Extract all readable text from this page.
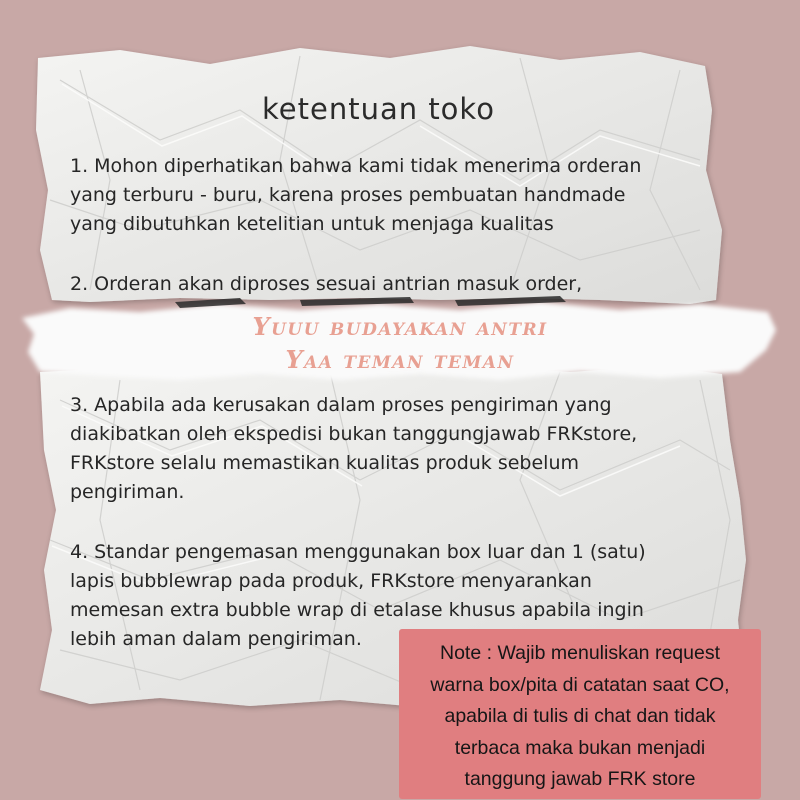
ketentuan toko

1. Mohon diperhatikan bahwa kami tidak menerima orderan
yang terburu - buru, karena proses pembuatan handmade
yang dibutuhkan ketelitian untuk menjaga kualitas

2. Orderan akan diproses sesuai antrian masuk order,

Yuuu budayakan antri
Yaa teman teman

3. Apabila ada kerusakan dalam proses pengiriman yang
diakibatkan oleh ekspedisi bukan tanggungjawab FRKstore,
FRKstore selalu memastikan kualitas produk sebelum
pengiriman.

4. Standar pengemasan menggunakan box luar dan 1 (satu)
lapis bubblewrap pada produk, FRKstore menyarankan
memesan extra bubble wrap di etalase khusus apabila ingin
lebih aman dalam pengiriman.

Note : Wajib menuliskan request
warna box/pita di catatan saat CO,
apabila di tulis di chat dan tidak
terbaca maka bukan menjadi
tanggung jawab FRK store
